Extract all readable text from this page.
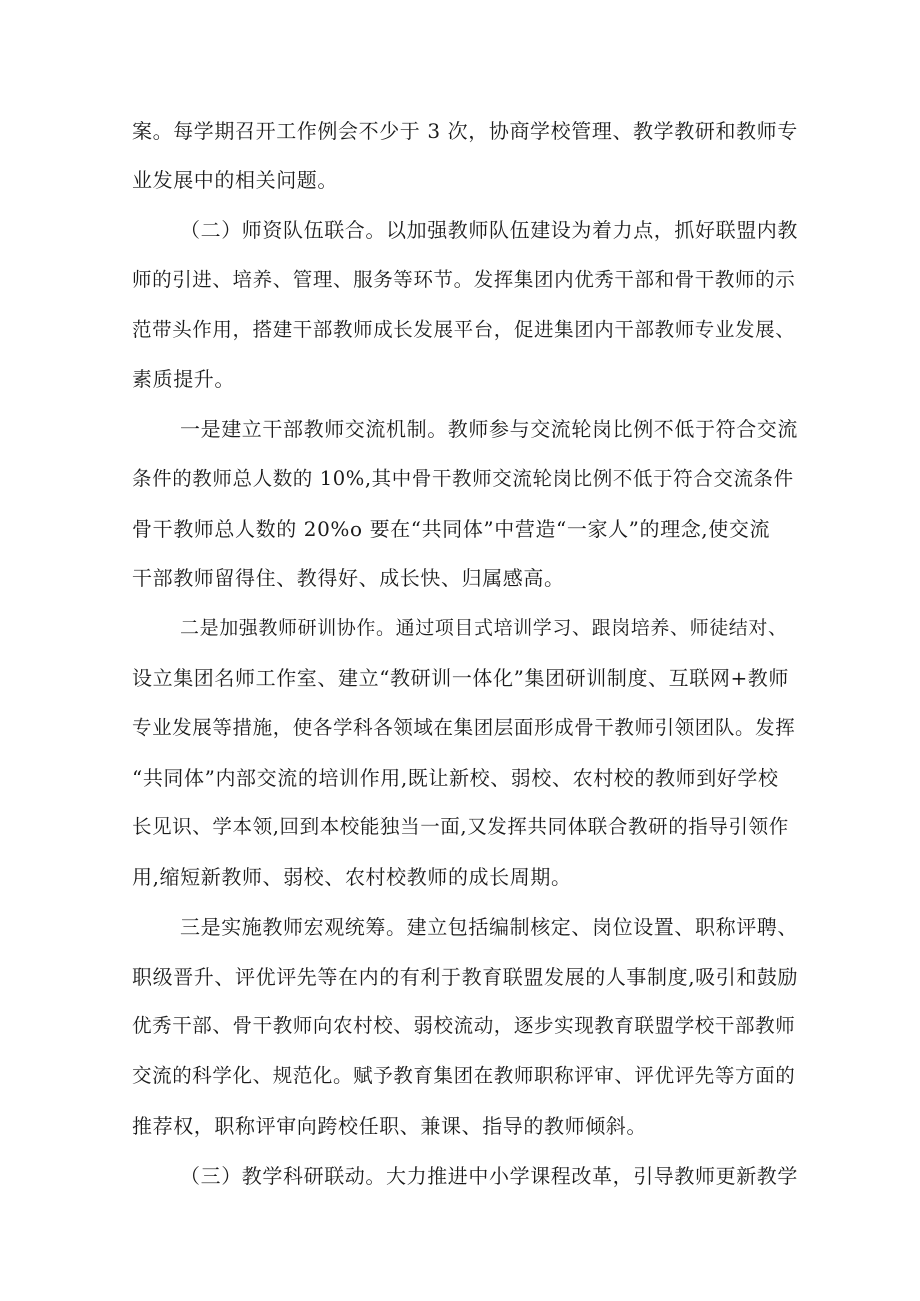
案。每学期召开工作例会不少于 3 次，协商学校管理、教学教研和教师专
业发展中的相关问题。
（二）师资队伍联合。以加强教师队伍建设为着力点，抓好联盟内教
师的引进、培养、管理、服务等环节。发挥集团内优秀干部和骨干教师的示
范带头作用，搭建干部教师成长发展平台，促进集团内干部教师专业发展、
素质提升。
一是建立干部教师交流机制。教师参与交流轮岗比例不低于符合交流
条件的教师总人数的 10%,其中骨干教师交流轮岗比例不低于符合交流条件
骨干教师总人数的 20%o 要在“共同体”中营造“一家人”的理念,使交流
干部教师留得住、教得好、成长快、归属感高。
二是加强教师研训协作。通过项目式培训学习、跟岗培养、师徒结对、
设立集团名师工作室、建立“教研训一体化”集团研训制度、互联网+教师
专业发展等措施，使各学科各领域在集团层面形成骨干教师引领团队。发挥
“共同体”内部交流的培训作用,既让新校、弱校、农村校的教师到好学校
长见识、学本领,回到本校能独当一面,又发挥共同体联合教研的指导引领作
用,缩短新教师、弱校、农村校教师的成长周期。
三是实施教师宏观统筹。建立包括编制核定、岗位设置、职称评聘、
职级晋升、评优评先等在内的有利于教育联盟发展的人事制度,吸引和鼓励
优秀干部、骨干教师向农村校、弱校流动，逐步实现教育联盟学校干部教师
交流的科学化、规范化。赋予教育集团在教师职称评审、评优评先等方面的
推荐权，职称评审向跨校任职、兼课、指导的教师倾斜。
（三）教学科研联动。大力推进中小学课程改革，引导教师更新教学
